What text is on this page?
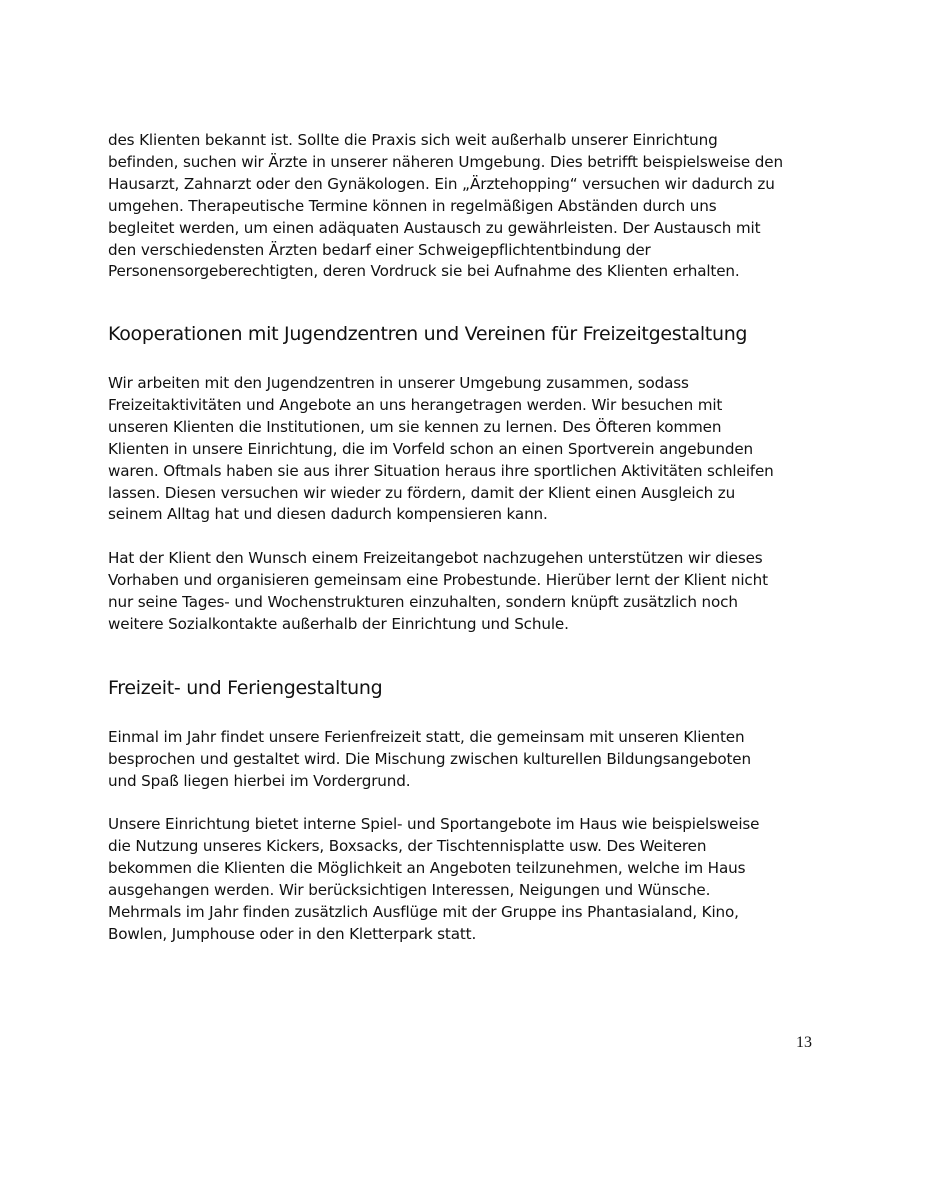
des Klienten bekannt ist. Sollte die Praxis sich weit außerhalb unserer Einrichtung
befinden, suchen wir Ärzte in unserer näheren Umgebung. Dies betrifft beispielsweise den
Hausarzt, Zahnarzt oder den Gynäkologen. Ein „Ärztehopping“ versuchen wir dadurch zu
umgehen. Therapeutische Termine können in regelmäßigen Abständen durch uns
begleitet werden, um einen adäquaten Austausch zu gewährleisten. Der Austausch mit
den verschiedensten Ärzten bedarf einer Schweigepflichtentbindung der
Personensorgeberechtigten, deren Vordruck sie bei Aufnahme des Klienten erhalten.
Kooperationen mit Jugendzentren und Vereinen für Freizeitgestaltung
Wir arbeiten mit den Jugendzentren in unserer Umgebung zusammen, sodass
Freizeitaktivitäten und Angebote an uns herangetragen werden. Wir besuchen mit
unseren Klienten die Institutionen, um sie kennen zu lernen. Des Öfteren kommen
Klienten in unsere Einrichtung, die im Vorfeld schon an einen Sportverein angebunden
waren. Oftmals haben sie aus ihrer Situation heraus ihre sportlichen Aktivitäten schleifen
lassen. Diesen versuchen wir wieder zu fördern, damit der Klient einen Ausgleich zu
seinem Alltag hat und diesen dadurch kompensieren kann.
Hat der Klient den Wunsch einem Freizeitangebot nachzugehen unterstützen wir dieses
Vorhaben und organisieren gemeinsam eine Probestunde. Hierüber lernt der Klient nicht
nur seine Tages- und Wochenstrukturen einzuhalten, sondern knüpft zusätzlich noch
weitere Sozialkontakte außerhalb der Einrichtung und Schule.
Freizeit- und Feriengestaltung
Einmal im Jahr findet unsere Ferienfreizeit statt, die gemeinsam mit unseren Klienten
besprochen und gestaltet wird. Die Mischung zwischen kulturellen Bildungsangeboten
und Spaß liegen hierbei im Vordergrund.
Unsere Einrichtung bietet interne Spiel- und Sportangebote im Haus wie beispielsweise
die Nutzung unseres Kickers, Boxsacks, der Tischtennisplatte usw. Des Weiteren
bekommen die Klienten die Möglichkeit an Angeboten teilzunehmen, welche im Haus
ausgehangen werden. Wir berücksichtigen Interessen, Neigungen und Wünsche.
Mehrmals im Jahr finden zusätzlich Ausflüge mit der Gruppe ins Phantasialand, Kino,
Bowlen, Jumphouse oder in den Kletterpark statt.
13
